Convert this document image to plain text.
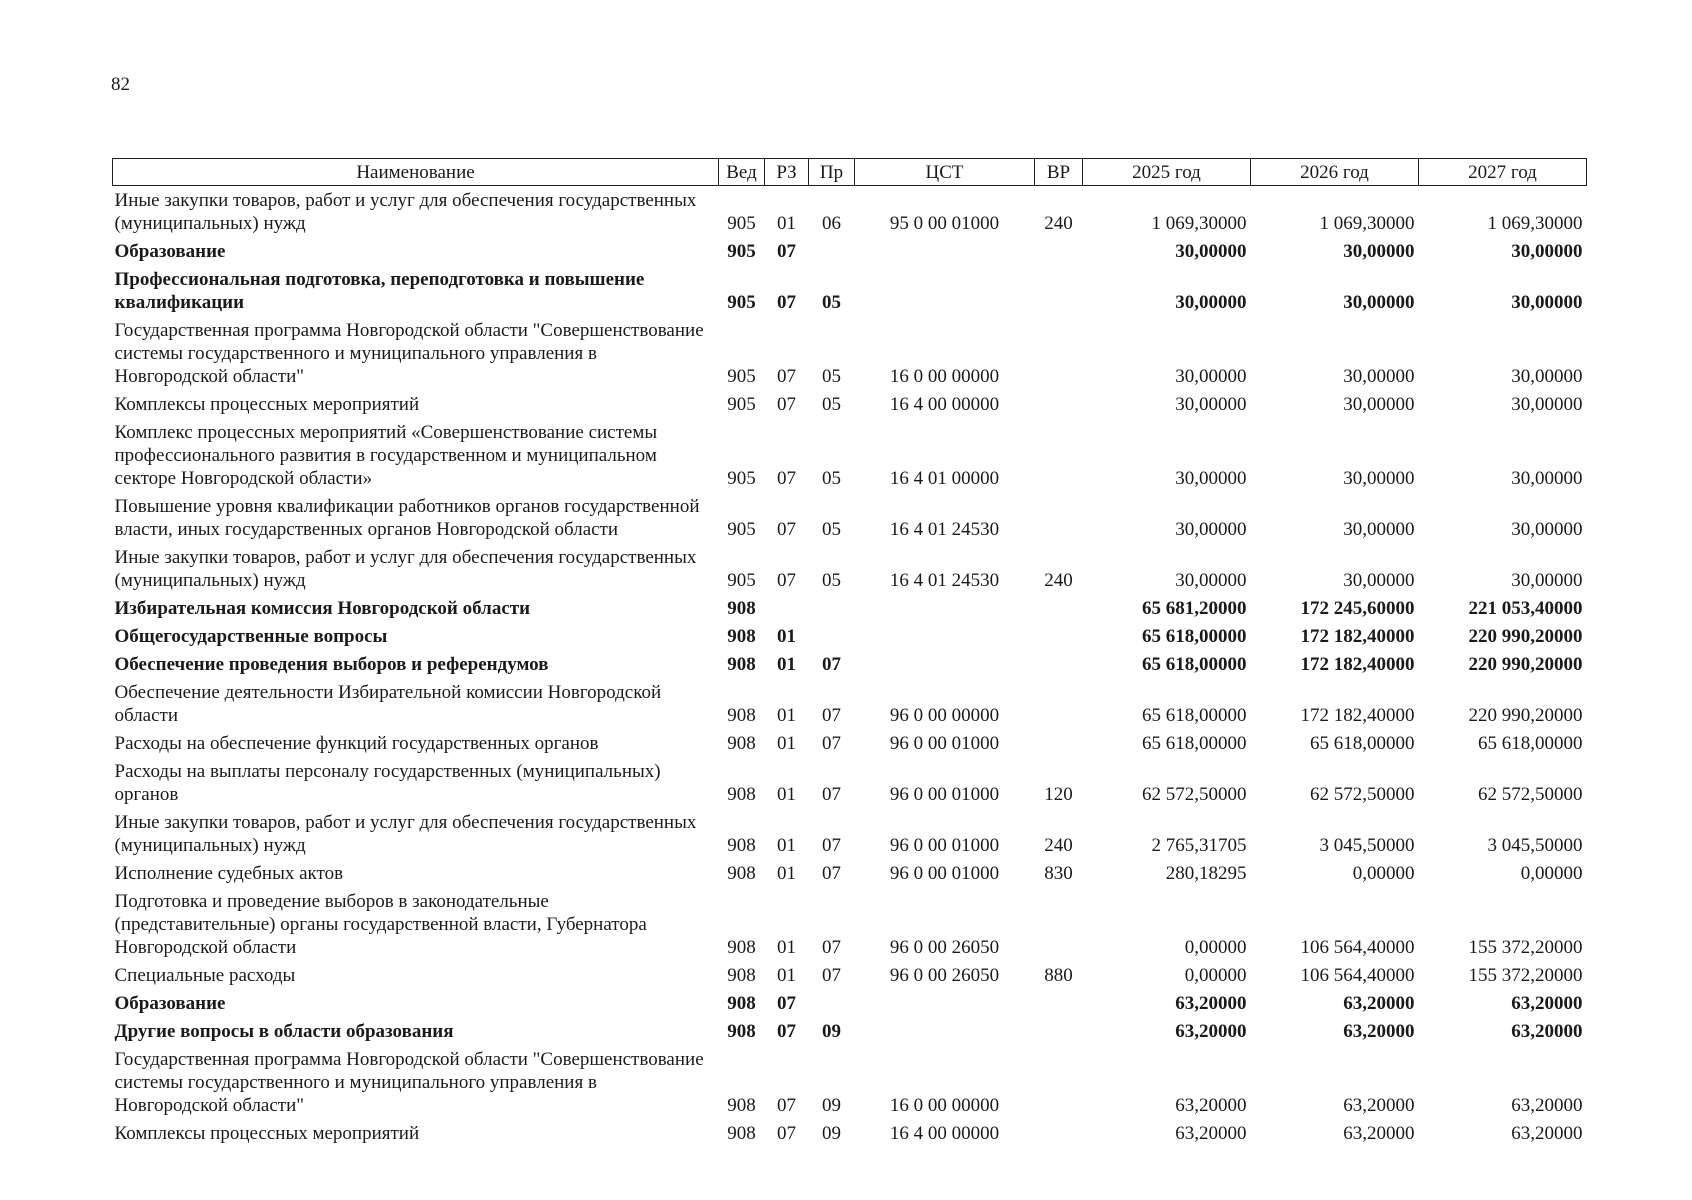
82
Наименование	Вед	РЗ	Пр	ЦСТ	ВР	2025 год	2026 год	2027 год
Иные закупки товаров, работ и услуг для обеспечения государственных (муниципальных) нужд	905	01	06	95 0 00 01000	240	1 069,30000	1 069,30000	1 069,30000
Образование	905	07				30,00000	30,00000	30,00000
Профессиональная подготовка, переподготовка и повышение квалификации	905	07	05			30,00000	30,00000	30,00000
Государственная программа Новгородской области "Совершенствование системы государственного и муниципального управления в Новгородской области"	905	07	05	16 0 00 00000		30,00000	30,00000	30,00000
Комплексы процессных мероприятий	905	07	05	16 4 00 00000		30,00000	30,00000	30,00000
Комплекс процессных мероприятий «Совершенствование системы профессионального развития в государственном и муниципальном секторе Новгородской области»	905	07	05	16 4 01 00000		30,00000	30,00000	30,00000
Повышение уровня квалификации работников органов государственной власти, иных государственных органов Новгородской области	905	07	05	16 4 01 24530		30,00000	30,00000	30,00000
Иные закупки товаров, работ и услуг для обеспечения государственных (муниципальных) нужд	905	07	05	16 4 01 24530	240	30,00000	30,00000	30,00000
Избирательная комиссия Новгородской области	908					65 681,20000	172 245,60000	221 053,40000
Общегосударственные вопросы	908	01				65 618,00000	172 182,40000	220 990,20000
Обеспечение проведения выборов и референдумов	908	01	07			65 618,00000	172 182,40000	220 990,20000
Обеспечение деятельности Избирательной комиссии Новгородской области	908	01	07	96 0 00 00000		65 618,00000	172 182,40000	220 990,20000
Расходы на обеспечение функций государственных органов	908	01	07	96 0 00 01000		65 618,00000	65 618,00000	65 618,00000
Расходы на выплаты персоналу государственных (муниципальных) органов	908	01	07	96 0 00 01000	120	62 572,50000	62 572,50000	62 572,50000
Иные закупки товаров, работ и услуг для обеспечения государственных (муниципальных) нужд	908	01	07	96 0 00 01000	240	2 765,31705	3 045,50000	3 045,50000
Исполнение судебных актов	908	01	07	96 0 00 01000	830	280,18295	0,00000	0,00000
Подготовка и проведение выборов в законодательные (представительные) органы государственной власти, Губернатора Новгородской области	908	01	07	96 0 00 26050		0,00000	106 564,40000	155 372,20000
Специальные расходы	908	01	07	96 0 00 26050	880	0,00000	106 564,40000	155 372,20000
Образование	908	07				63,20000	63,20000	63,20000
Другие вопросы в области образования	908	07	09			63,20000	63,20000	63,20000
Государственная программа Новгородской области "Совершенствование системы государственного и муниципального управления в Новгородской области"	908	07	09	16 0 00 00000		63,20000	63,20000	63,20000
Комплексы процессных мероприятий	908	07	09	16 4 00 00000		63,20000	63,20000	63,20000
